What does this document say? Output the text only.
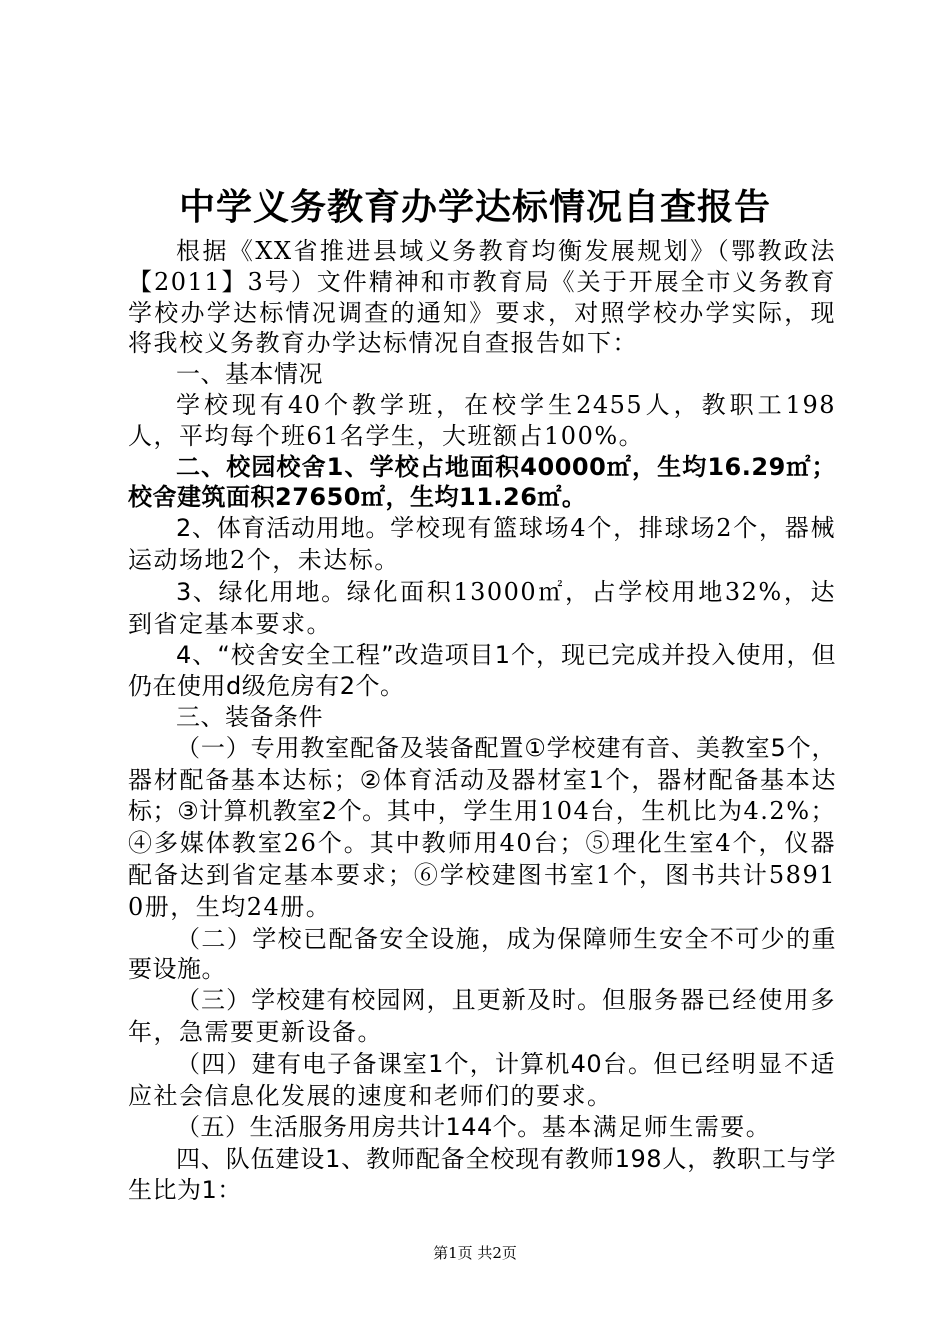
中学义务教育办学达标情况自查报告

根据《XX省推进县域义务教育均衡发展规划》（鄂教政法【2011】3号）文件精神和市教育局《关于开展全市义务教育学校办学达标情况调查的通知》要求，对照学校办学实际，现将我校义务教育办学达标情况自查报告如下：

一、基本情况

学校现有40个教学班，在校学生2455人，教职工198人，平均每个班61名学生，大班额占100%。

二、校园校舍1、学校占地面积40000㎡，生均16.29㎡；校舍建筑面积27650㎡，生均11.26㎡。

2、体育活动用地。学校现有篮球场4个，排球场2个，器械运动场地2个，未达标。

3、绿化用地。绿化面积13000㎡，占学校用地32%，达到省定基本要求。

4、“校舍安全工程”改造项目1个，现已完成并投入使用，但仍在使用d级危房有2个。

三、装备条件

（一）专用教室配备及装备配置①学校建有音、美教室5个，器材配备基本达标；②体育活动及器材室1个，器材配备基本达标；③计算机教室2个。其中，学生用104台，生机比为4.2%；④多媒体教室26个。其中教师用40台；⑤理化生室4个，仪器配备达到省定基本要求；⑥学校建图书室1个，图书共计58910册，生均24册。

（二）学校已配备安全设施，成为保障师生安全不可少的重要设施。

（三）学校建有校园网，且更新及时。但服务器已经使用多年，急需要更新设备。

（四）建有电子备课室1个，计算机40台。但已经明显不适应社会信息化发展的速度和老师们的要求。

（五）生活服务用房共计144个。基本满足师生需要。

四、队伍建设1、教师配备全校现有教师198人，教职工与学生比为1：

第1页 共2页
